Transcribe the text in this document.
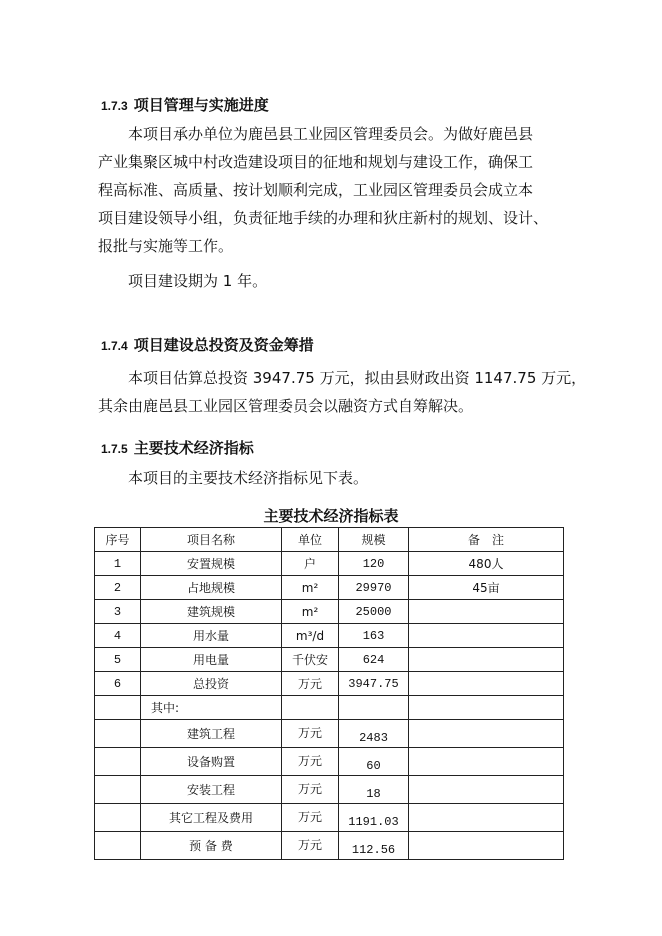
1.7.3 项目管理与实施进度

本项目承办单位为鹿邑县工业园区管理委员会。为做好鹿邑县
产业集聚区城中村改造建设项目的征地和规划与建设工作，确保工
程高标准、高质量、按计划顺利完成，工业园区管理委员会成立本
项目建设领导小组，负责征地手续的办理和狄庄新村的规划、设计、
报批与实施等工作。

项目建设期为 1 年。

1.7.4 项目建设总投资及资金筹措

本项目估算总投资 3947.75 万元，拟由县财政出资 1147.75 万元，
其余由鹿邑县工业园区管理委员会以融资方式自筹解决。

1.7.5 主要技术经济指标

本项目的主要技术经济指标见下表。

主要技术经济指标表
序号	项目名称	单位	规模	备　注
1	安置规模	户	120	480人
2	占地规模	m²	29970	45亩
3	建筑规模	m²	25000	
4	用水量	m³/d	163	
5	用电量	千伏安	624	
6	总投资	万元	3947.75	
	其中:			
	建筑工程	万元	2483	
	设备购置	万元	60	
	安装工程	万元	18	
	其它工程及费用	万元	1191.03	
	预 备 费	万元	112.56	
